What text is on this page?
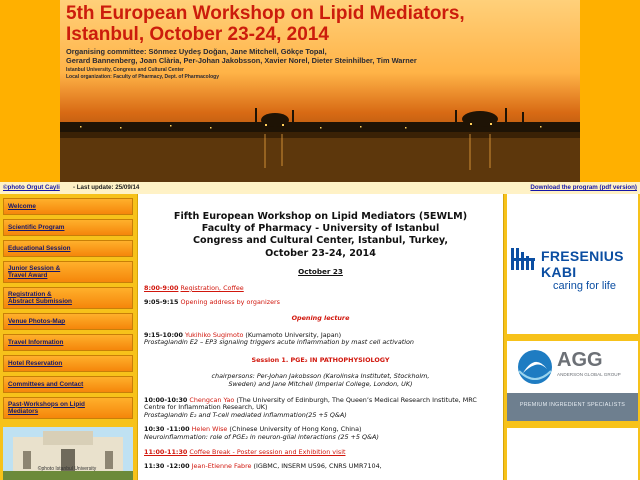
5th European Workshop on Lipid Mediators,
Istanbul, October 23-24, 2014
Organising committee: Sönmez Uydeş Doğan, Jane Mitchell, Gökçe Topal,
Gerard Bannenberg, Joan Clària, Per-Johan Jakobsson, Xavier Norel, Dieter Steinhilber, Tim Warner
Istanbul University, Congress and Cultural Center
Local organization: Faculty of Pharmacy, Dept. of Pharmacology
©photo Orgut Cayli - Last update: 25/09/14	Download the program (pdf version)
Welcome
Scientific Program
Educational Session
Junior Session &
Travel Award
Registration &
Abstract Submission
Venue Photos-Map
Travel Information
Hotel Reservation
Committees and Contact
Past-Workshops on Lipid
Mediators
©photo Istanbul University
Fifth European Workshop on Lipid Mediators (5EWLM)
Faculty of Pharmacy - University of Istanbul
Congress and Cultural Center, Istanbul, Turkey,
October 23-24, 2014
October 23
8:00-9:00 Registration, Coffee
9:05-9:15 Opening address by organizers
Opening lecture
9:15-10:00 Yukihiko Sugimoto (Kumamoto University, Japan)
Prostaglandin E2 – EP3 signaling triggers acute inflammation by mast cell activation
Session 1. PGE₂ IN PATHOPHYSIOLOGY
chairpersons: Per-Johan Jakobsson (Karolinska Institutet, Stockholm,
Sweden) and Jane Mitchell (Imperial College, London, UK)
10:00-10:30 Chengcan Yao (The University of Edinburgh, The Queen’s Medical Research Institute, MRC Centre for Inflammation Research, UK)
Prostaglandin E₂ and T-cell mediated inflammation(25 +5 Q&A)
10:30 -11:00 Helen Wise (Chinese University of Hong Kong, China)
Neuroinflammation: role of PGE₂ in neuron-glial interactions (25 +5 Q&A)
11:00-11:30 Coffee Break - Poster session and Exhibition visit
11:30 -12:00 Jean-Etienne Fabre (IGBMC, INSERM U596, CNRS UMR7104,
FRESENIUS
KABI
caring for life
AGG
ANDERSON GLOBAL GROUP
PREMIUM INGREDIENT SPECIALISTS
